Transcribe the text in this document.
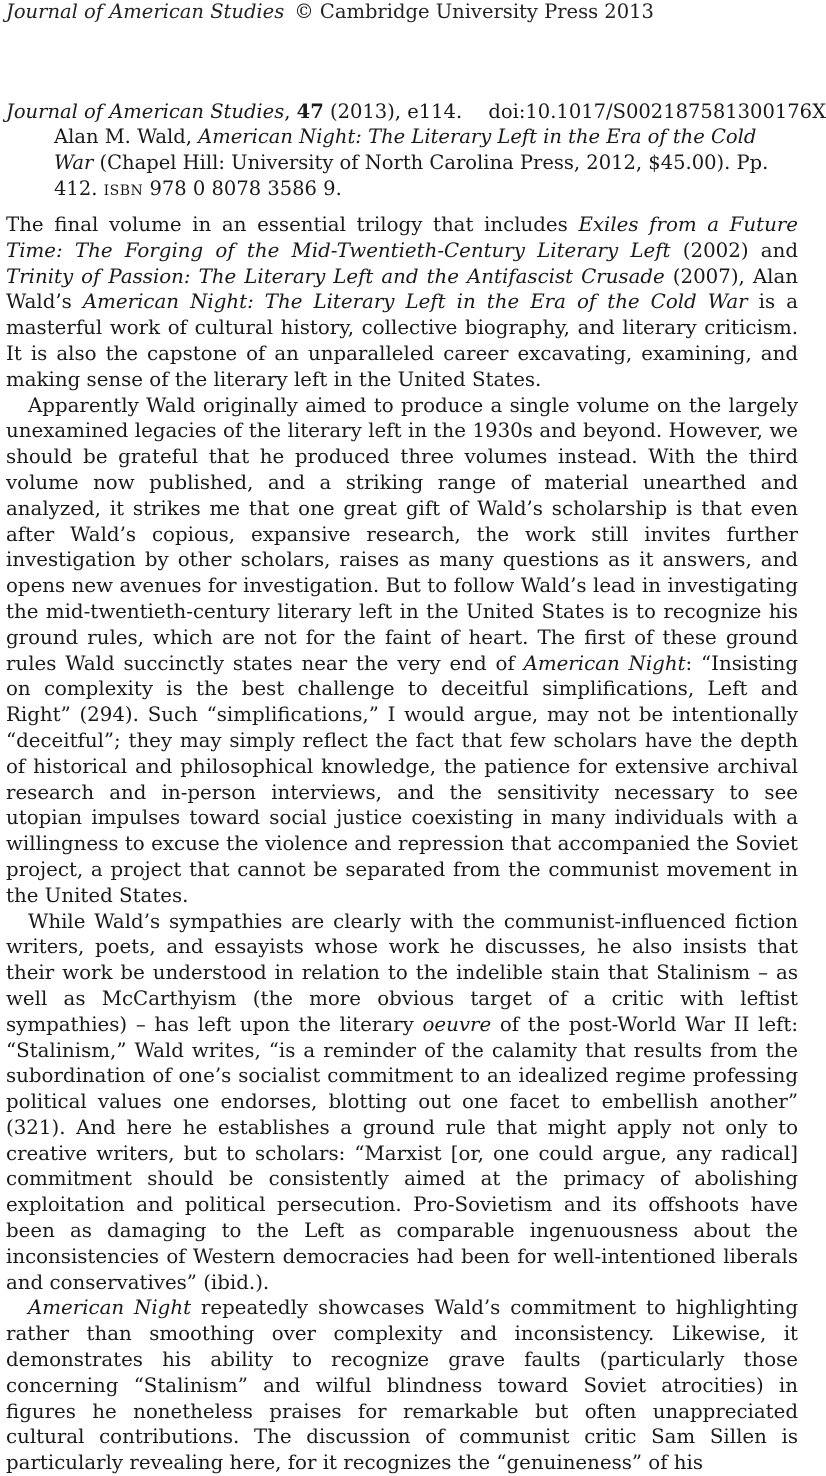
Journal of American Studies © Cambridge University Press 2013
Journal of American Studies, 47 (2013), e114. doi:10.1017/S002187581300176X
Alan M. Wald, American Night: The Literary Left in the Era of the Cold War (Chapel Hill: University of North Carolina Press, 2012, $45.00). Pp. 412. ISBN 978 0 8078 3586 9.

The final volume in an essential trilogy that includes Exiles from a Future Time: The Forging of the Mid-Twentieth-Century Literary Left (2002) and Trinity of Passion: The Literary Left and the Antifascist Crusade (2007), Alan Wald’s American Night: The Literary Left in the Era of the Cold War is a masterful work of cultural history, collective biography, and literary criticism. It is also the capstone of an unparalleled career excavating, examining, and making sense of the literary left in the United States.

Apparently Wald originally aimed to produce a single volume on the largely unexamined legacies of the literary left in the 1930s and beyond. However, we should be grateful that he produced three volumes instead. With the third volume now published, and a striking range of material unearthed and analyzed, it strikes me that one great gift of Wald’s scholarship is that even after Wald’s copious, expansive research, the work still invites further investigation by other scholars, raises as many questions as it answers, and opens new avenues for investigation. But to follow Wald’s lead in investigating the mid-twentieth-century literary left in the United States is to recognize his ground rules, which are not for the faint of heart. The first of these ground rules Wald succinctly states near the very end of American Night: “Insisting on complexity is the best challenge to deceitful simplifications, Left and Right” (294). Such “simplifications,” I would argue, may not be intentionally “deceitful”; they may simply reflect the fact that few scholars have the depth of historical and philosophical knowledge, the patience for extensive archival research and in-person interviews, and the sensitivity necessary to see utopian impulses toward social justice coexisting in many individuals with a willingness to excuse the violence and repression that accompanied the Soviet project, a project that cannot be separated from the communist movement in the United States.

While Wald’s sympathies are clearly with the communist-influenced fiction writers, poets, and essayists whose work he discusses, he also insists that their work be understood in relation to the indelible stain that Stalinism – as well as McCarthyism (the more obvious target of a critic with leftist sympathies) – has left upon the literary oeuvre of the post-World War II left: “Stalinism,” Wald writes, “is a reminder of the calamity that results from the subordination of one’s socialist commitment to an idealized regime professing political values one endorses, blotting out one facet to embellish another” (321). And here he establishes a ground rule that might apply not only to creative writers, but to scholars: “Marxist [or, one could argue, any radical] commitment should be consistently aimed at the primacy of abolishing exploitation and political persecution. Pro-Sovietism and its offshoots have been as damaging to the Left as comparable ingenuousness about the inconsistencies of Western democracies had been for well-intentioned liberals and conservatives” (ibid.).

American Night repeatedly showcases Wald’s commitment to highlighting rather than smoothing over complexity and inconsistency. Likewise, it demonstrates his ability to recognize grave faults (particularly those concerning “Stalinism” and wilful blindness toward Soviet atrocities) in figures he nonetheless praises for remarkable but often unappreciated cultural contributions. The discussion of communist critic Sam Sillen is particularly revealing here, for it recognizes the “genuineness” of his
